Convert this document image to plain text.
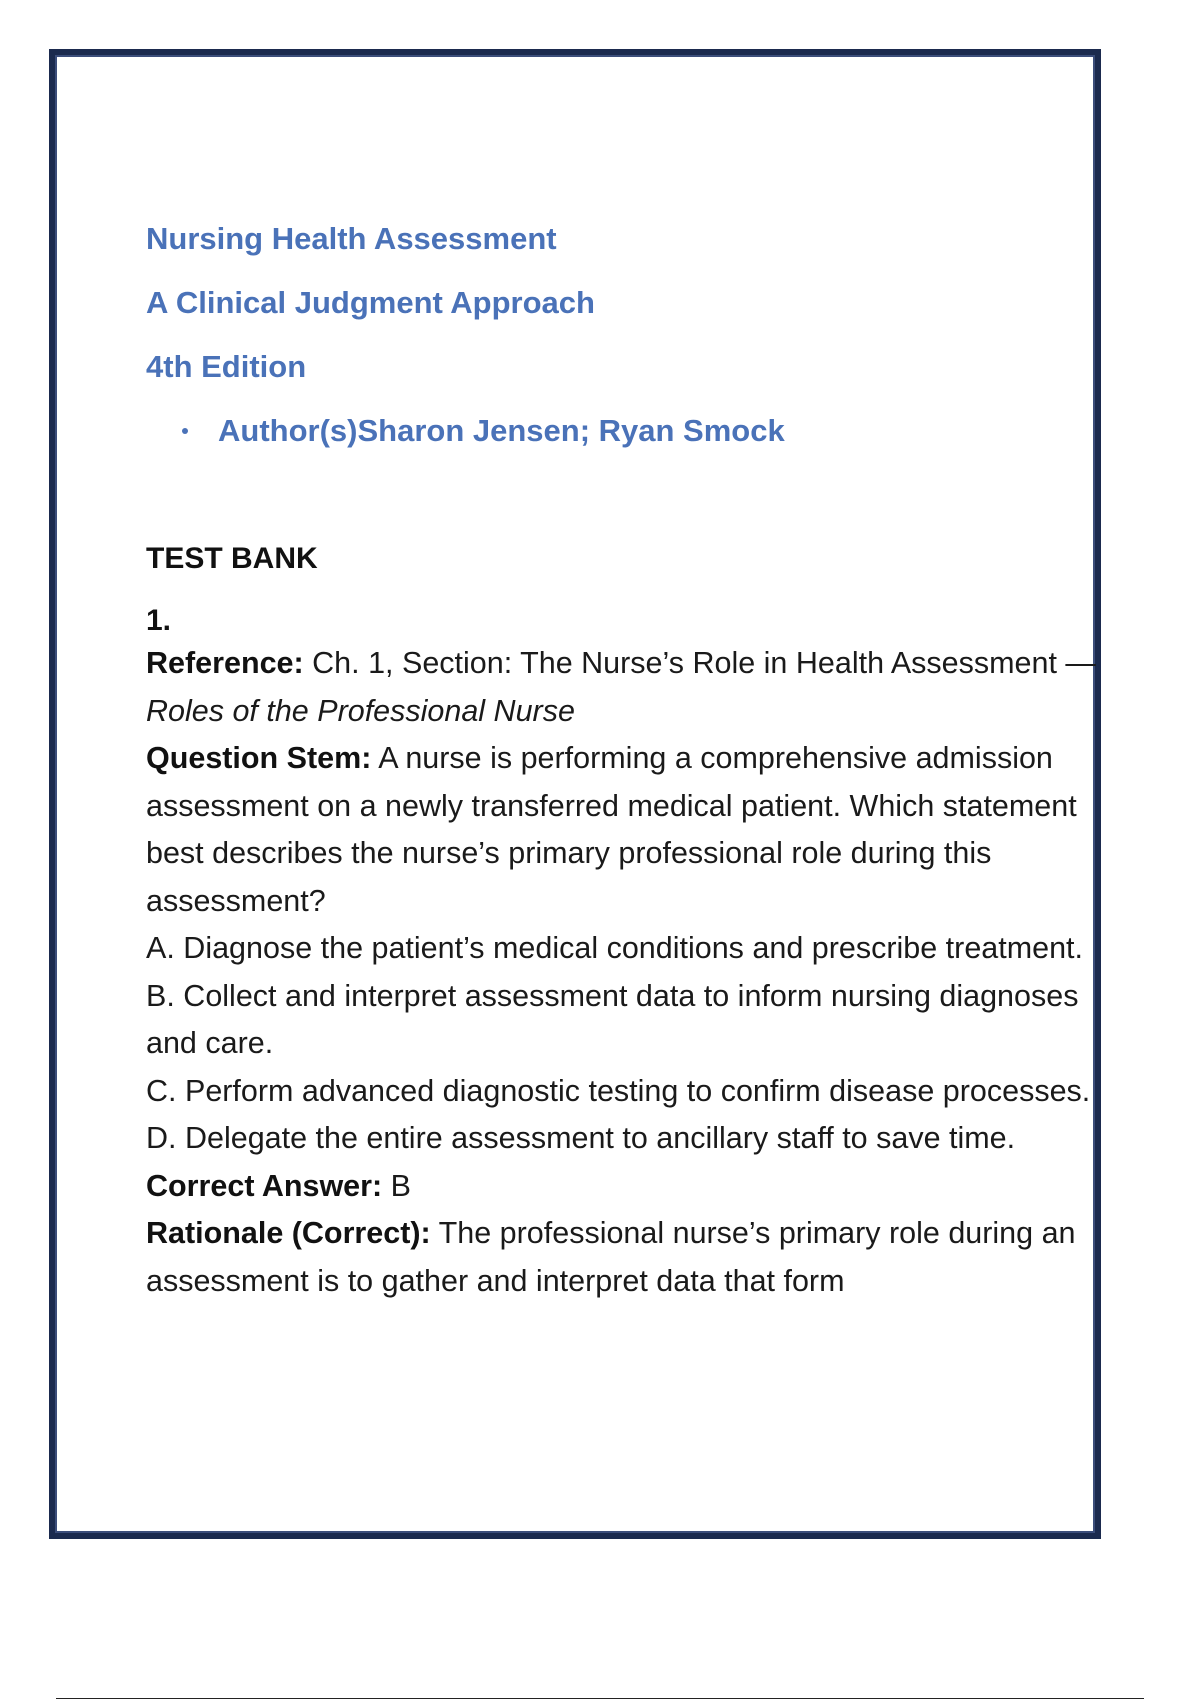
Nursing Health Assessment
A Clinical Judgment Approach
4th Edition
Author(s)Sharon Jensen; Ryan Smock
TEST BANK
1.

Reference: Ch. 1, Section: The Nurse’s Role in Health Assessment — Roles of the Professional Nurse

Question Stem: A nurse is performing a comprehensive admission assessment on a newly transferred medical patient. Which statement best describes the nurse’s primary professional role during this assessment?

A. Diagnose the patient’s medical conditions and prescribe treatment.

B. Collect and interpret assessment data to inform nursing diagnoses and care.

C. Perform advanced diagnostic testing to confirm disease processes.

D. Delegate the entire assessment to ancillary staff to save time.

Correct Answer: B

Rationale (Correct): The professional nurse’s primary role during an assessment is to gather and interpret data that form
